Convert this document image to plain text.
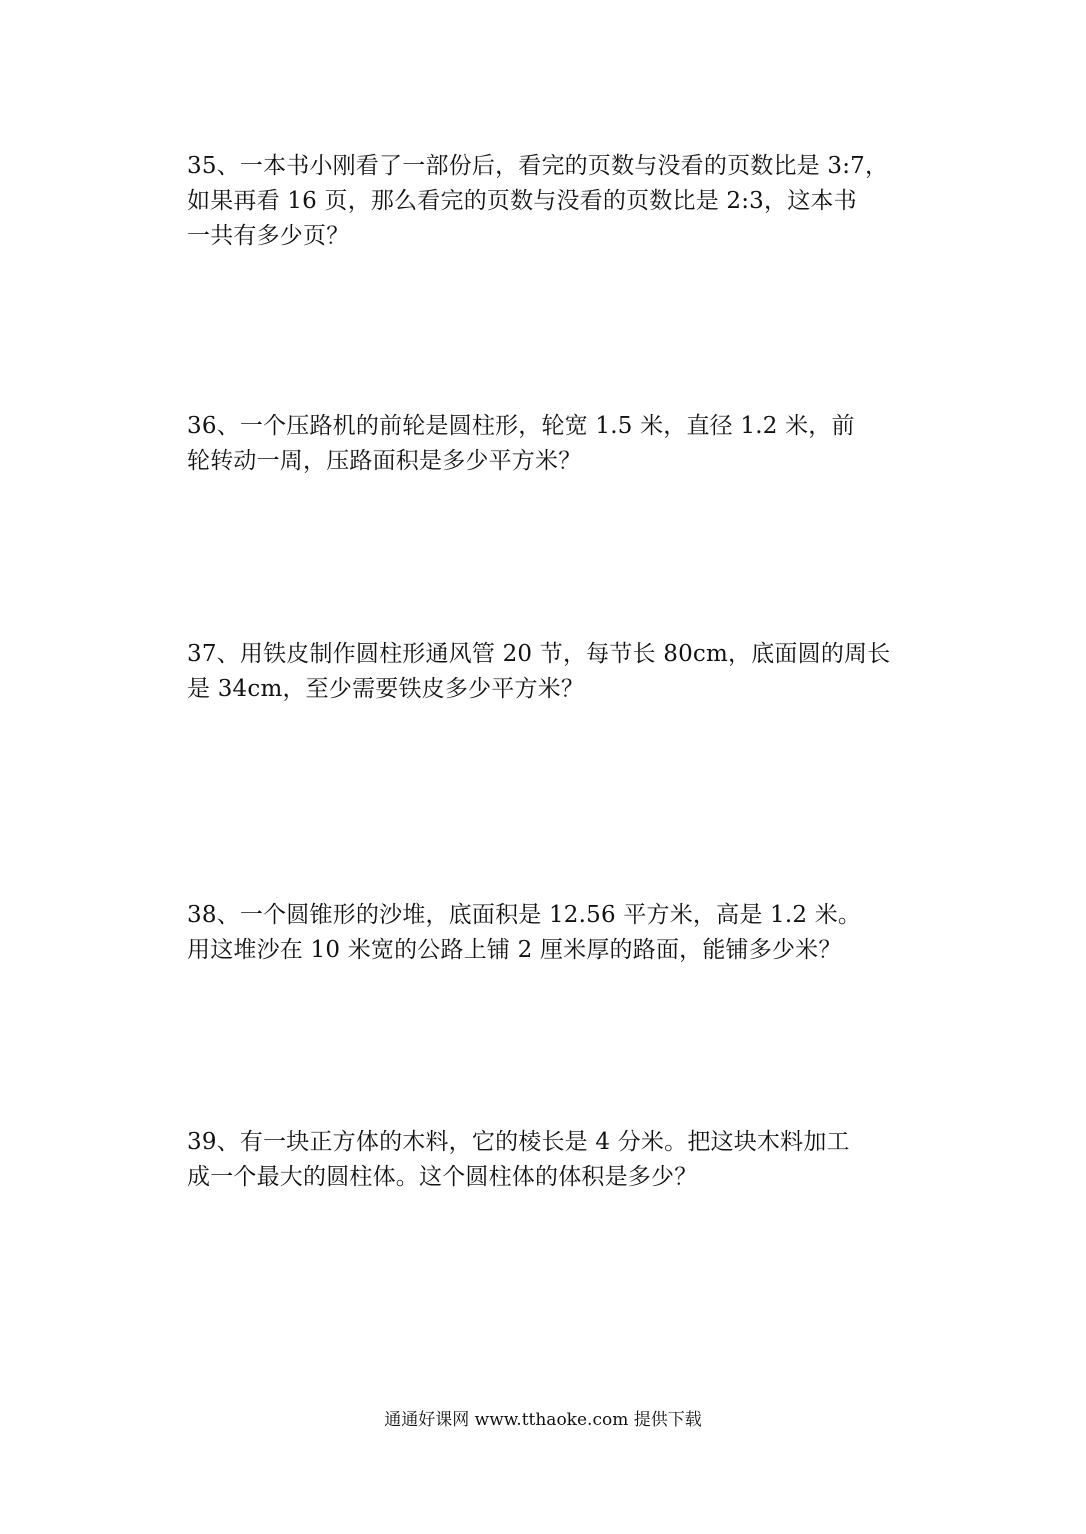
35、一本书小刚看了一部份后，看完的页数与没看的页数比是 3:7，

如果再看 16 页，那么看完的页数与没看的页数比是 2:3，这本书

一共有多少页？

36、一个压路机的前轮是圆柱形，轮宽 1.5 米，直径 1.2 米，前

轮转动一周，压路面积是多少平方米？

37、用铁皮制作圆柱形通风管 20 节，每节长 80cm，底面圆的周长

是 34cm，至少需要铁皮多少平方米？

38、一个圆锥形的沙堆，底面积是 12.56 平方米，高是 1.2 米。

用这堆沙在 10 米宽的公路上铺 2 厘米厚的路面，能铺多少米？

39、有一块正方体的木料，它的棱长是 4 分米。把这块木料加工

成一个最大的圆柱体。这个圆柱体的体积是多少？

通通好课网 www.tthaoke.com 提供下载
